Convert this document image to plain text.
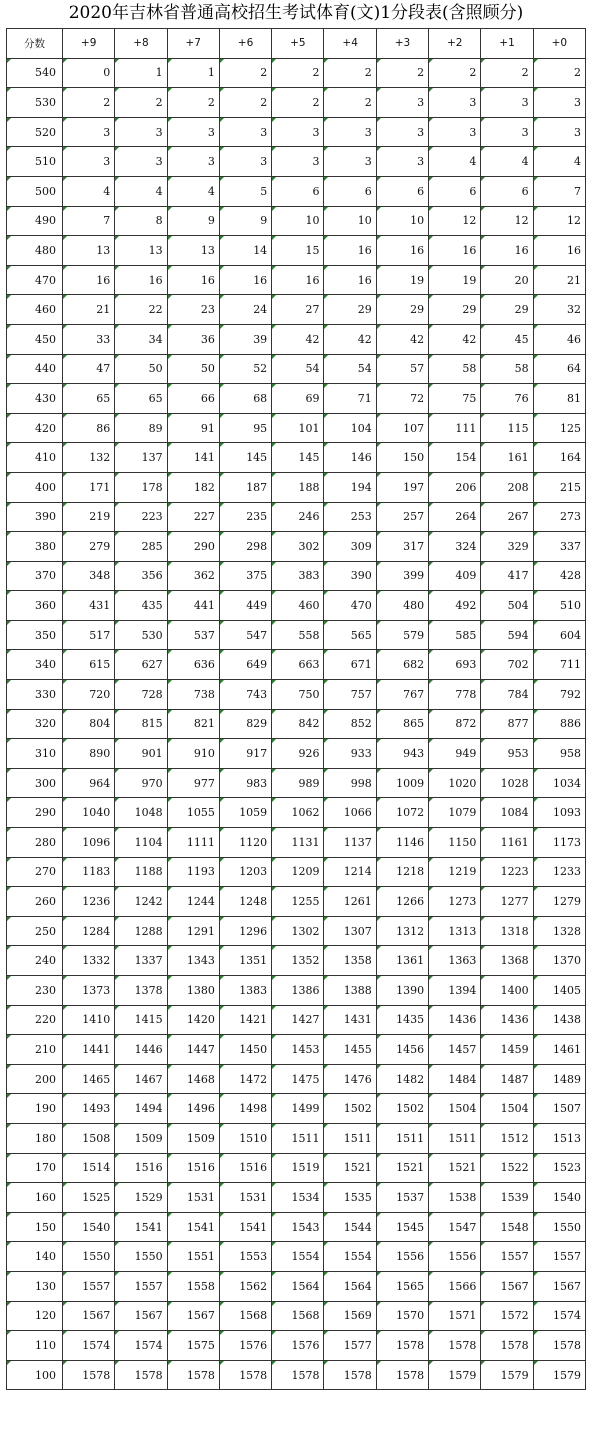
2020年吉林省普通高校招生考试体育(文)1分段表(含照顾分)
分数	+9	+8	+7	+6	+5	+4	+3	+2	+1	+0
540	0	1	1	2	2	2	2	2	2	2
530	2	2	2	2	2	2	3	3	3	3
520	3	3	3	3	3	3	3	3	3	3
510	3	3	3	3	3	3	3	4	4	4
500	4	4	4	5	6	6	6	6	6	7
490	7	8	9	9	10	10	10	12	12	12
480	13	13	13	14	15	16	16	16	16	16
470	16	16	16	16	16	16	19	19	20	21
460	21	22	23	24	27	29	29	29	29	32
450	33	34	36	39	42	42	42	42	45	46
440	47	50	50	52	54	54	57	58	58	64
430	65	65	66	68	69	71	72	75	76	81
420	86	89	91	95	101	104	107	111	115	125
410	132	137	141	145	145	146	150	154	161	164
400	171	178	182	187	188	194	197	206	208	215
390	219	223	227	235	246	253	257	264	267	273
380	279	285	290	298	302	309	317	324	329	337
370	348	356	362	375	383	390	399	409	417	428
360	431	435	441	449	460	470	480	492	504	510
350	517	530	537	547	558	565	579	585	594	604
340	615	627	636	649	663	671	682	693	702	711
330	720	728	738	743	750	757	767	778	784	792
320	804	815	821	829	842	852	865	872	877	886
310	890	901	910	917	926	933	943	949	953	958
300	964	970	977	983	989	998	1009	1020	1028	1034
290	1040	1048	1055	1059	1062	1066	1072	1079	1084	1093
280	1096	1104	1111	1120	1131	1137	1146	1150	1161	1173
270	1183	1188	1193	1203	1209	1214	1218	1219	1223	1233
260	1236	1242	1244	1248	1255	1261	1266	1273	1277	1279
250	1284	1288	1291	1296	1302	1307	1312	1313	1318	1328
240	1332	1337	1343	1351	1352	1358	1361	1363	1368	1370
230	1373	1378	1380	1383	1386	1388	1390	1394	1400	1405
220	1410	1415	1420	1421	1427	1431	1435	1436	1436	1438
210	1441	1446	1447	1450	1453	1455	1456	1457	1459	1461
200	1465	1467	1468	1472	1475	1476	1482	1484	1487	1489
190	1493	1494	1496	1498	1499	1502	1502	1504	1504	1507
180	1508	1509	1509	1510	1511	1511	1511	1511	1512	1513
170	1514	1516	1516	1516	1519	1521	1521	1521	1522	1523
160	1525	1529	1531	1531	1534	1535	1537	1538	1539	1540
150	1540	1541	1541	1541	1543	1544	1545	1547	1548	1550
140	1550	1550	1551	1553	1554	1554	1556	1556	1557	1557
130	1557	1557	1558	1562	1564	1564	1565	1566	1567	1567
120	1567	1567	1567	1568	1568	1569	1570	1571	1572	1574
110	1574	1574	1575	1576	1576	1577	1578	1578	1578	1578
100	1578	1578	1578	1578	1578	1578	1578	1579	1579	1579
